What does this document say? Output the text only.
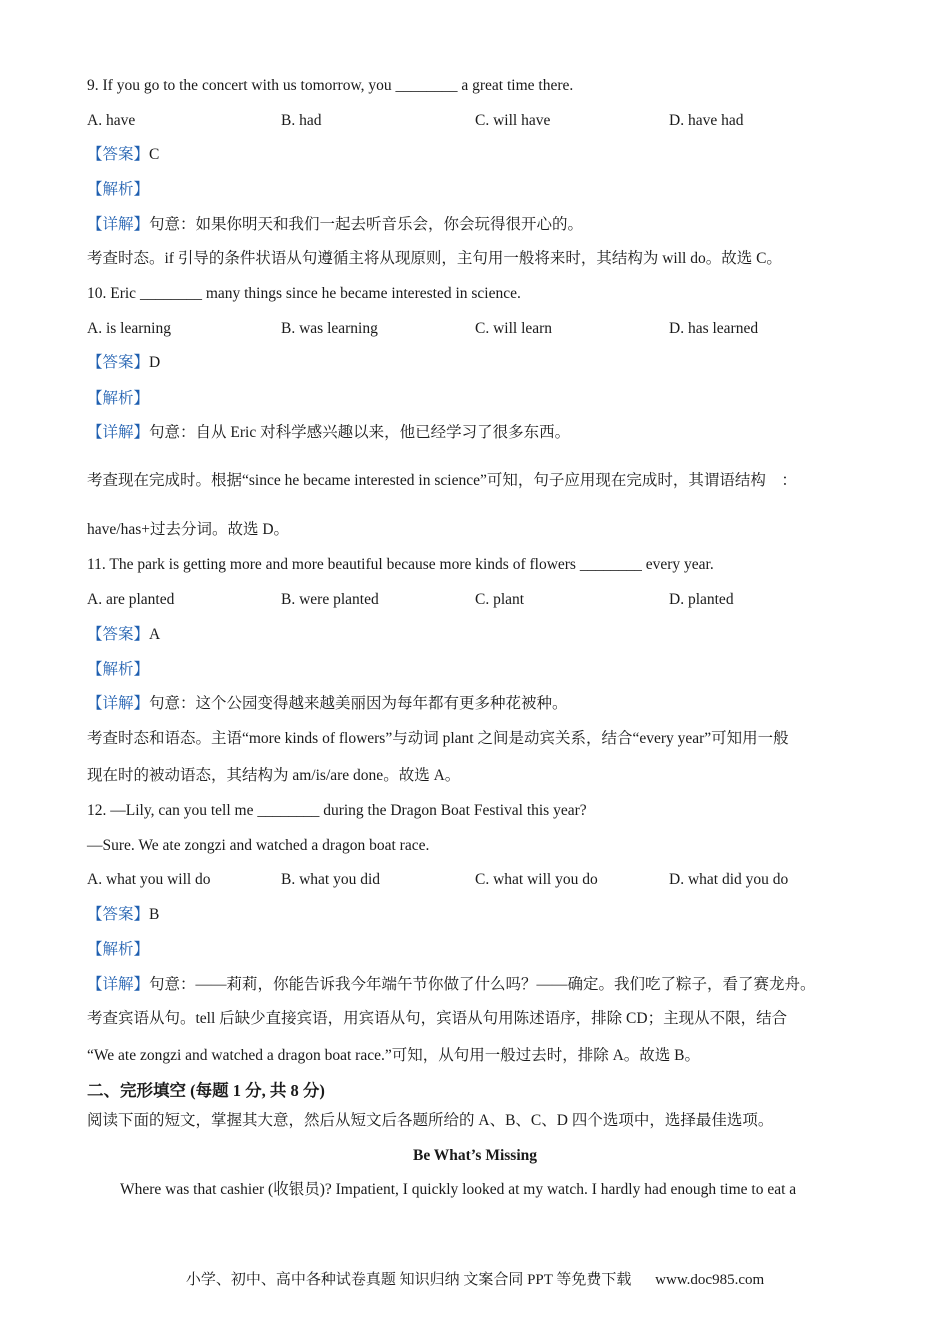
9. If you go to the concert with us tomorrow, you ________ a great time there.
A. have	B. had	C. will have	D. have had
【答案】C
【解析】
【详解】句意：如果你明天和我们一起去听音乐会，你会玩得很开心的。
考查时态。if 引导的条件状语从句遵循主将从现原则，主句用一般将来时，其结构为 will do。故选 C。
10. Eric ________ many things since he became interested in science.
A. is learning	B. was learning	C. will learn	D. has learned
【答案】D
【解析】
【详解】句意：自从 Eric 对科学感兴趣以来，他已经学习了很多东西。
考查现在完成时。根据“since he became interested in science”可知，句子应用现在完成时，其谓语结构　：
have/has+过去分词。故选 D。
11. The park is getting more and more beautiful because more kinds of flowers ________ every year.
A. are planted	B. were planted	C. plant	D. planted
【答案】A
【解析】
【详解】句意：这个公园变得越来越美丽因为每年都有更多种花被种。
考查时态和语态。主语“more kinds of flowers”与动词 plant 之间是动宾关系，结合“every year”可知用一般
现在时的被动语态，其结构为 am/is/are done。故选 A。
12. —Lily, can you tell me ________ during the Dragon Boat Festival this year?
—Sure. We ate zongzi and watched a dragon boat race.
A. what you will do	B. what you did	C. what will you do	D. what did you do
【答案】B
【解析】
【详解】句意：——莉莉，你能告诉我今年端午节你做了什么吗？——确定。我们吃了粽子，看了赛龙舟。
考查宾语从句。tell 后缺少直接宾语，用宾语从句，宾语从句用陈述语序，排除 CD；主现从不限，结合
“We ate zongzi and watched a dragon boat race.”可知，从句用一般过去时，排除 A。故选 B。
二、完形填空 (每题 1 分, 共 8 分)
阅读下面的短文，掌握其大意，然后从短文后各题所给的 A、B、C、D 四个选项中，选择最佳选项。
Be What’s Missing
Where was that cashier (收银员)? Impatient, I quickly looked at my watch. I hardly had enough time to eat a
小学、初中、高中各种试卷真题 知识归纳 文案合同 PPT 等免费下载 www.doc985.com
